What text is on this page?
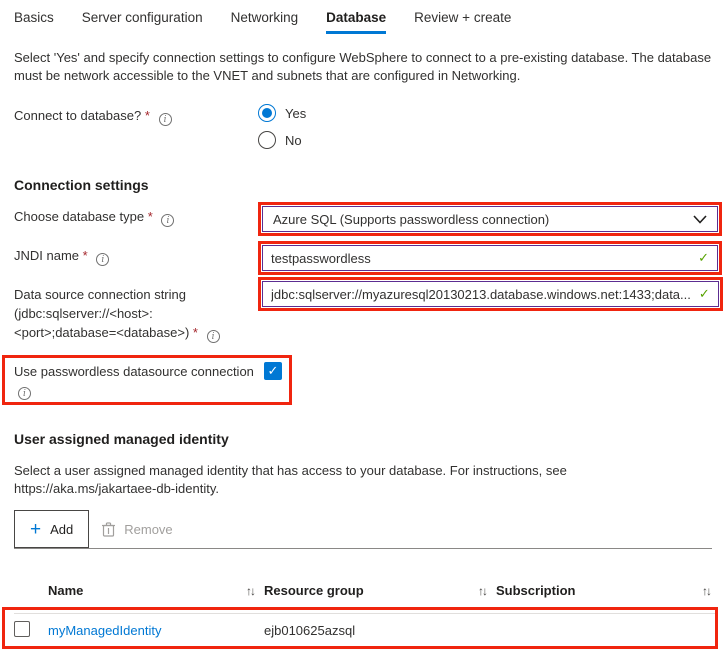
Basics Server configuration Networking Database Review + create
Select 'Yes' and specify connection settings to configure WebSphere to connect to a pre-existing database. The database must be network accessible to the VNET and subnets that are configured in Networking.
Connect to database? * i	Yes
No
Connection settings
Choose database type * i	Azure SQL (Supports passwordless connection)
JNDI name * i	testpasswordless	✓
Data source connection string
(jdbc:sqlserver://<host>:
<port>;database=<database>) * i
jdbc:sqlserver://myazuresql20130213.database.windows.net:1433;data... ✓
Use passwordless datasource connection ✓
i
User assigned managed identity
Select a user assigned managed identity that has access to your database. For instructions, see https://aka.ms/jakartaee-db-identity.
+ Add	Remove
Name	↑↓ Resource group	↑↓ Subscription	↑↓
myManagedIdentity	ejb010625azsql
